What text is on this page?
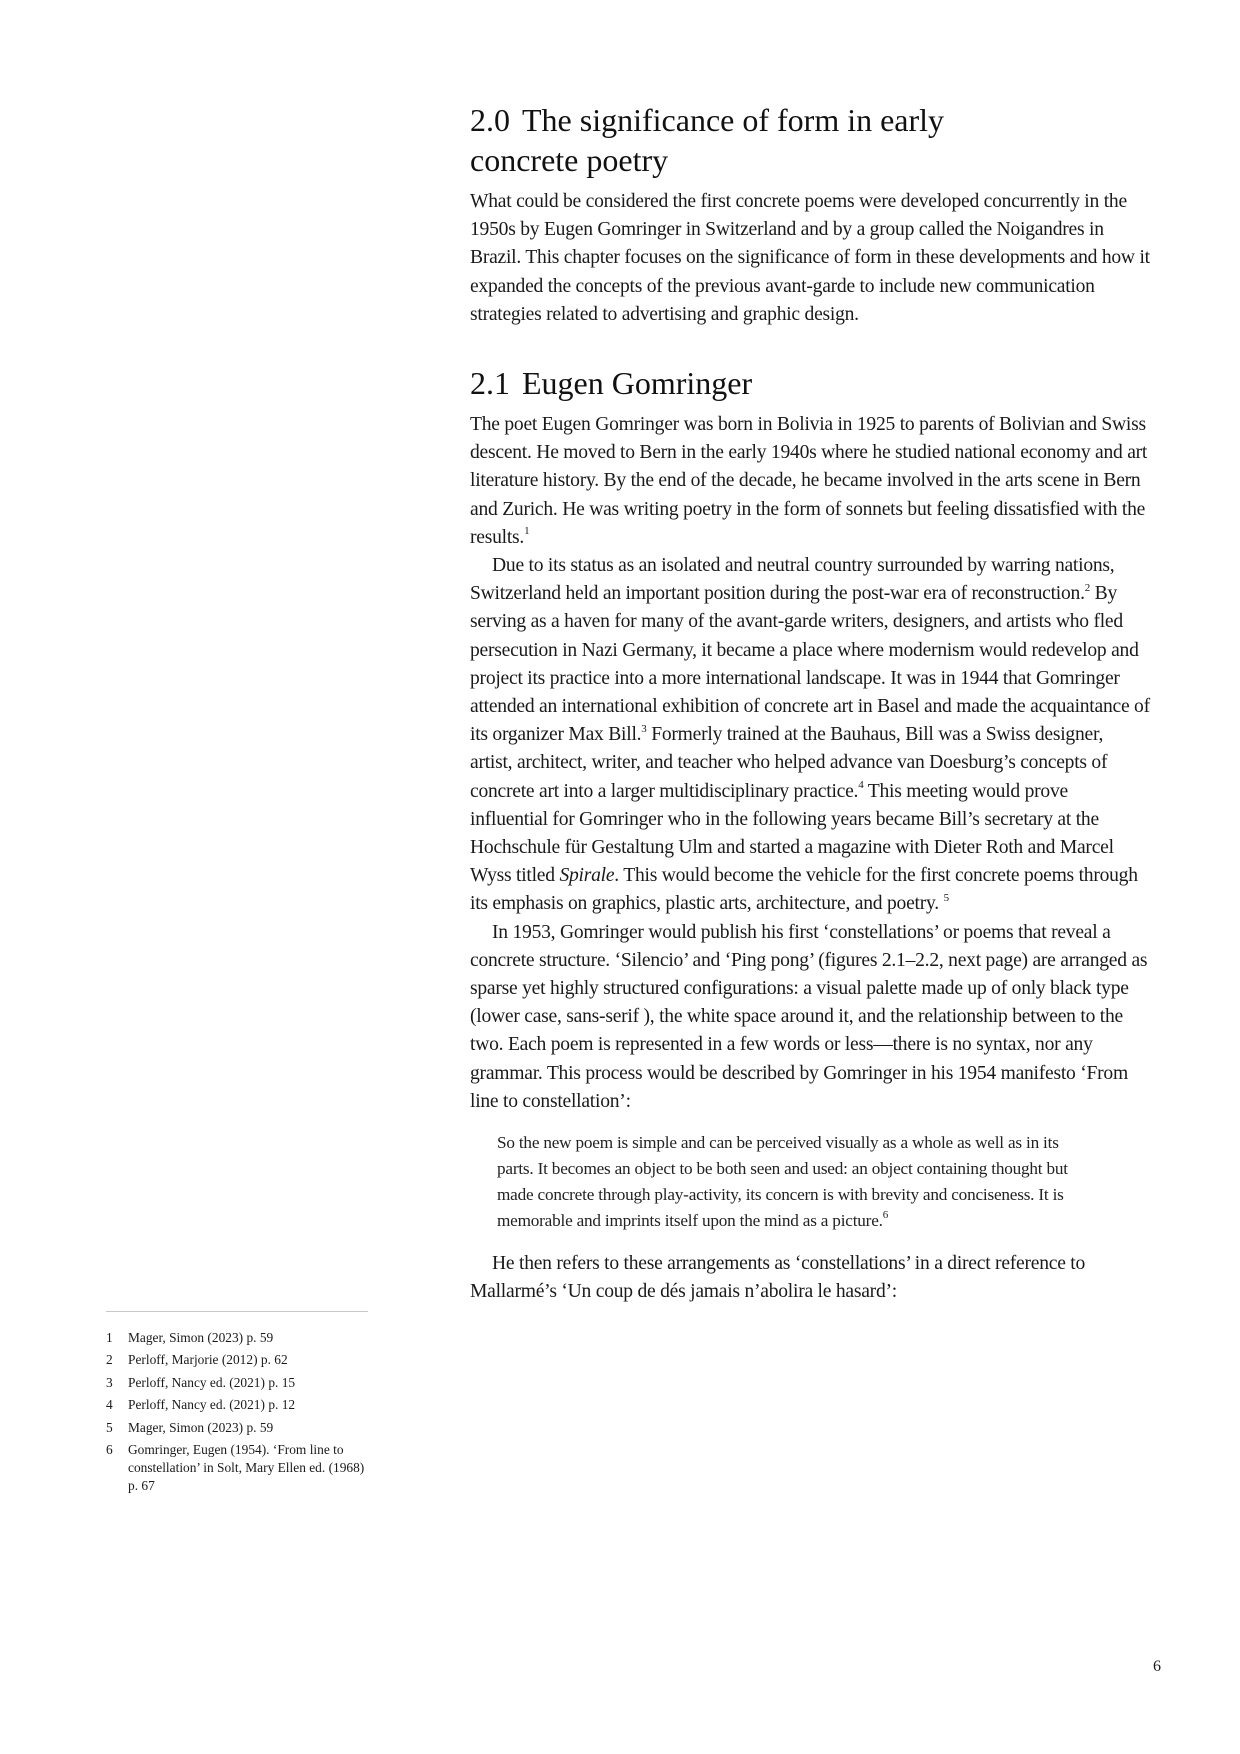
2.0 The significance of form in early
concrete poetry

What could be considered the first concrete poems were developed concurrently in the 1950s by Eugen Gomringer in Switzerland and by a group called the Noigandres in Brazil. This chapter focuses on the significance of form in these developments and how it expanded the concepts of the previous avant-garde to include new communication strategies related to advertising and graphic design.

2.1 Eugen Gomringer

The poet Eugen Gomringer was born in Bolivia in 1925 to parents of Bolivian and Swiss descent. He moved to Bern in the early 1940s where he studied national economy and art literature history. By the end of the decade, he became involved in the arts scene in Bern and Zurich. He was writing poetry in the form of sonnets but feeling dissatisfied with the results.$^1$

Due to its status as an isolated and neutral country surrounded by warring nations, Switzerland held an important position during the post-war era of reconstruction.$^2$ By serving as a haven for many of the avant-garde writers, designers, and artists who fled persecution in Nazi Germany, it became a place where modernism would redevelop and project its practice into a more international landscape. It was in 1944 that Gomringer attended an international exhibition of concrete art in Basel and made the acquaintance of its organizer Max Bill.$^3$ Formerly trained at the Bauhaus, Bill was a Swiss designer, artist, architect, writer, and teacher who helped advance van Doesburg’s concepts of concrete art into a larger multidisciplinary practice.$^4$ This meeting would prove influential for Gomringer who in the following years became Bill’s secretary at the Hochschule für Gestaltung Ulm and started a magazine with Dieter Roth and Marcel Wyss titled Spirale. This would become the vehicle for the first concrete poems through its emphasis on graphics, plastic arts, architecture, and poetry. $^5$

In 1953, Gomringer would publish his first ‘constellations’ or poems that reveal a concrete structure. ‘Silencio’ and ‘Ping pong’ (figures 2.1–2.2, next page) are arranged as sparse yet highly structured configurations: a visual palette made up of only black type (lower case, sans-serif ), the white space around it, and the relationship between to the two. Each poem is represented in a few words or less—there is no syntax, nor any grammar. This process would be described by Gomringer in his 1954 manifesto ‘From line to constellation’:

So the new poem is simple and can be perceived visually as a whole as well as in its parts. It becomes an object to be both seen and used: an object containing thought but made concrete through play-activity, its concern is with brevity and conciseness. It is memorable and imprints itself upon the mind as a picture.$^6$

He then refers to these arrangements as ‘constellations’ in a direct reference to Mallarmé’s ‘Un coup de dés jamais n’abolira le hasard’:

1	Mager, Simon (2023) p. 59
2	Perloff, Marjorie (2012) p. 62
3	Perloff, Nancy ed. (2021) p. 15
4	Perloff, Nancy ed. (2021) p. 12
5	Mager, Simon (2023) p. 59
6	Gomringer, Eugen (1954). ‘From line to constellation’ in Solt, Mary Ellen ed. (1968) p. 67
6
